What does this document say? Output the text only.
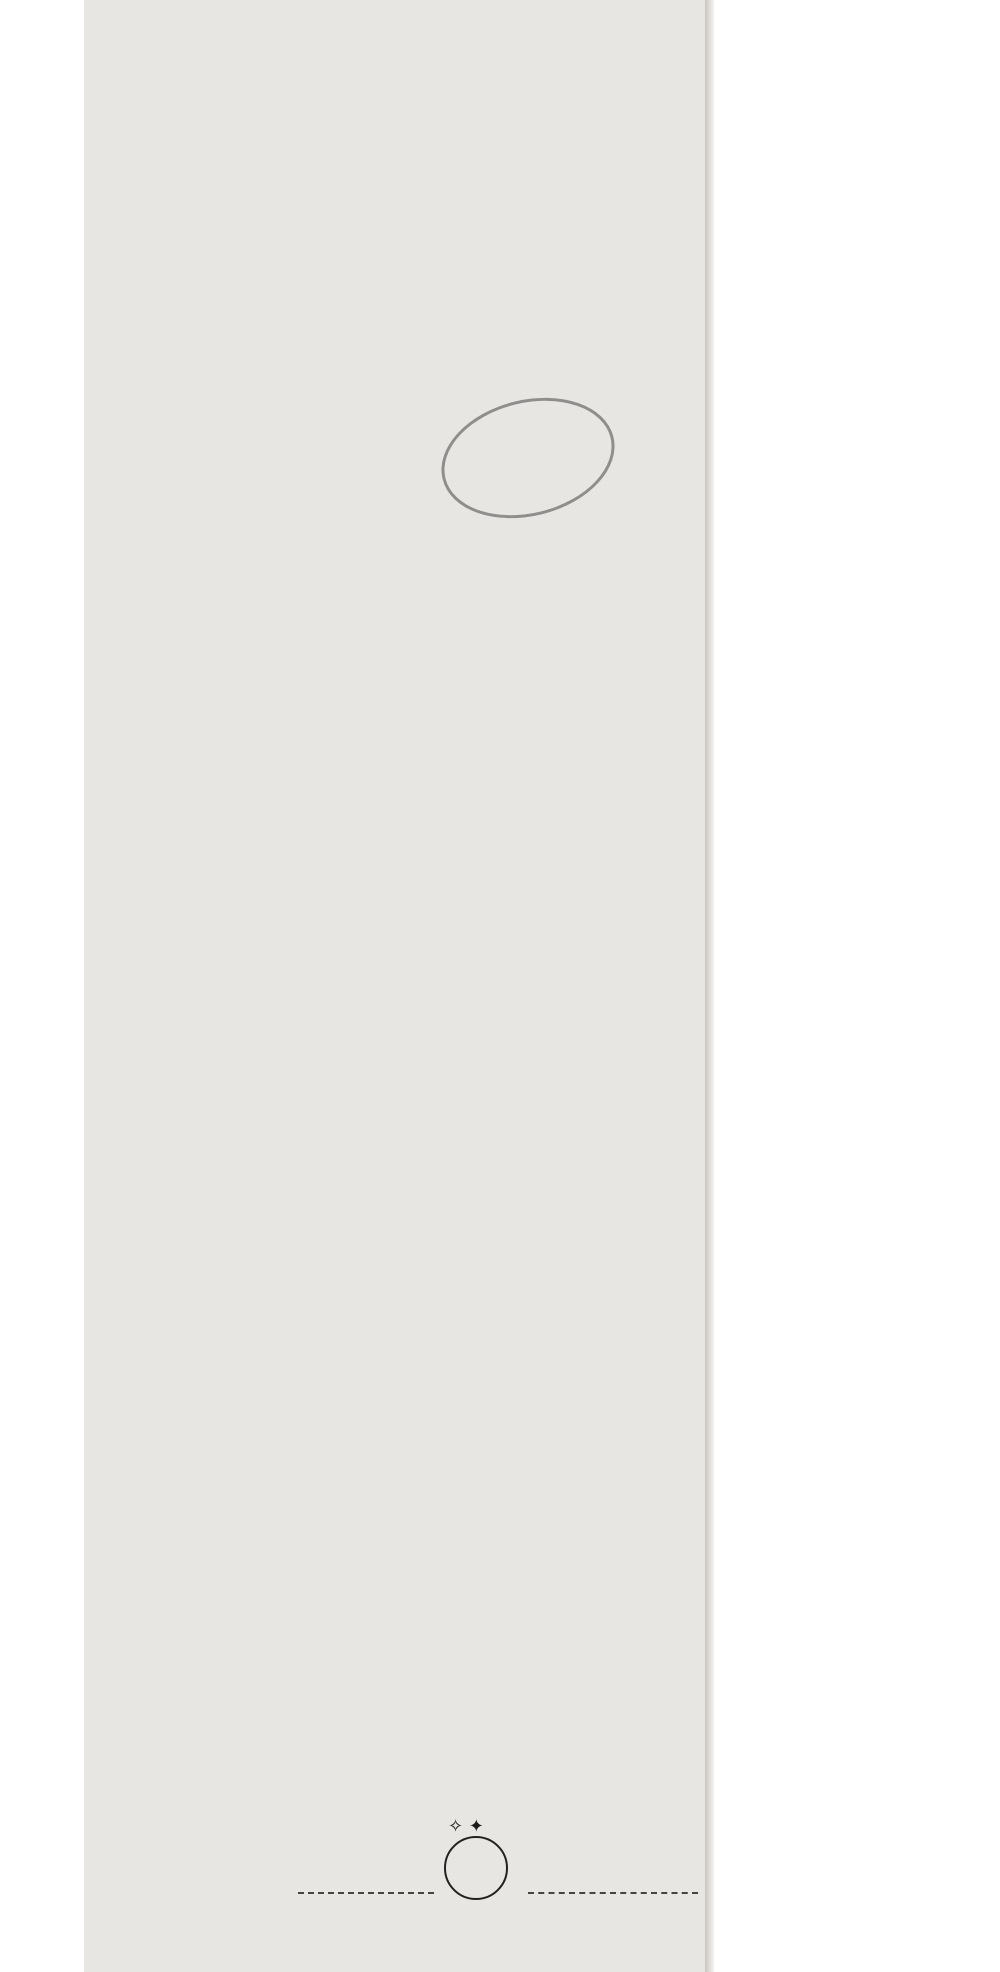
✧ ✦
